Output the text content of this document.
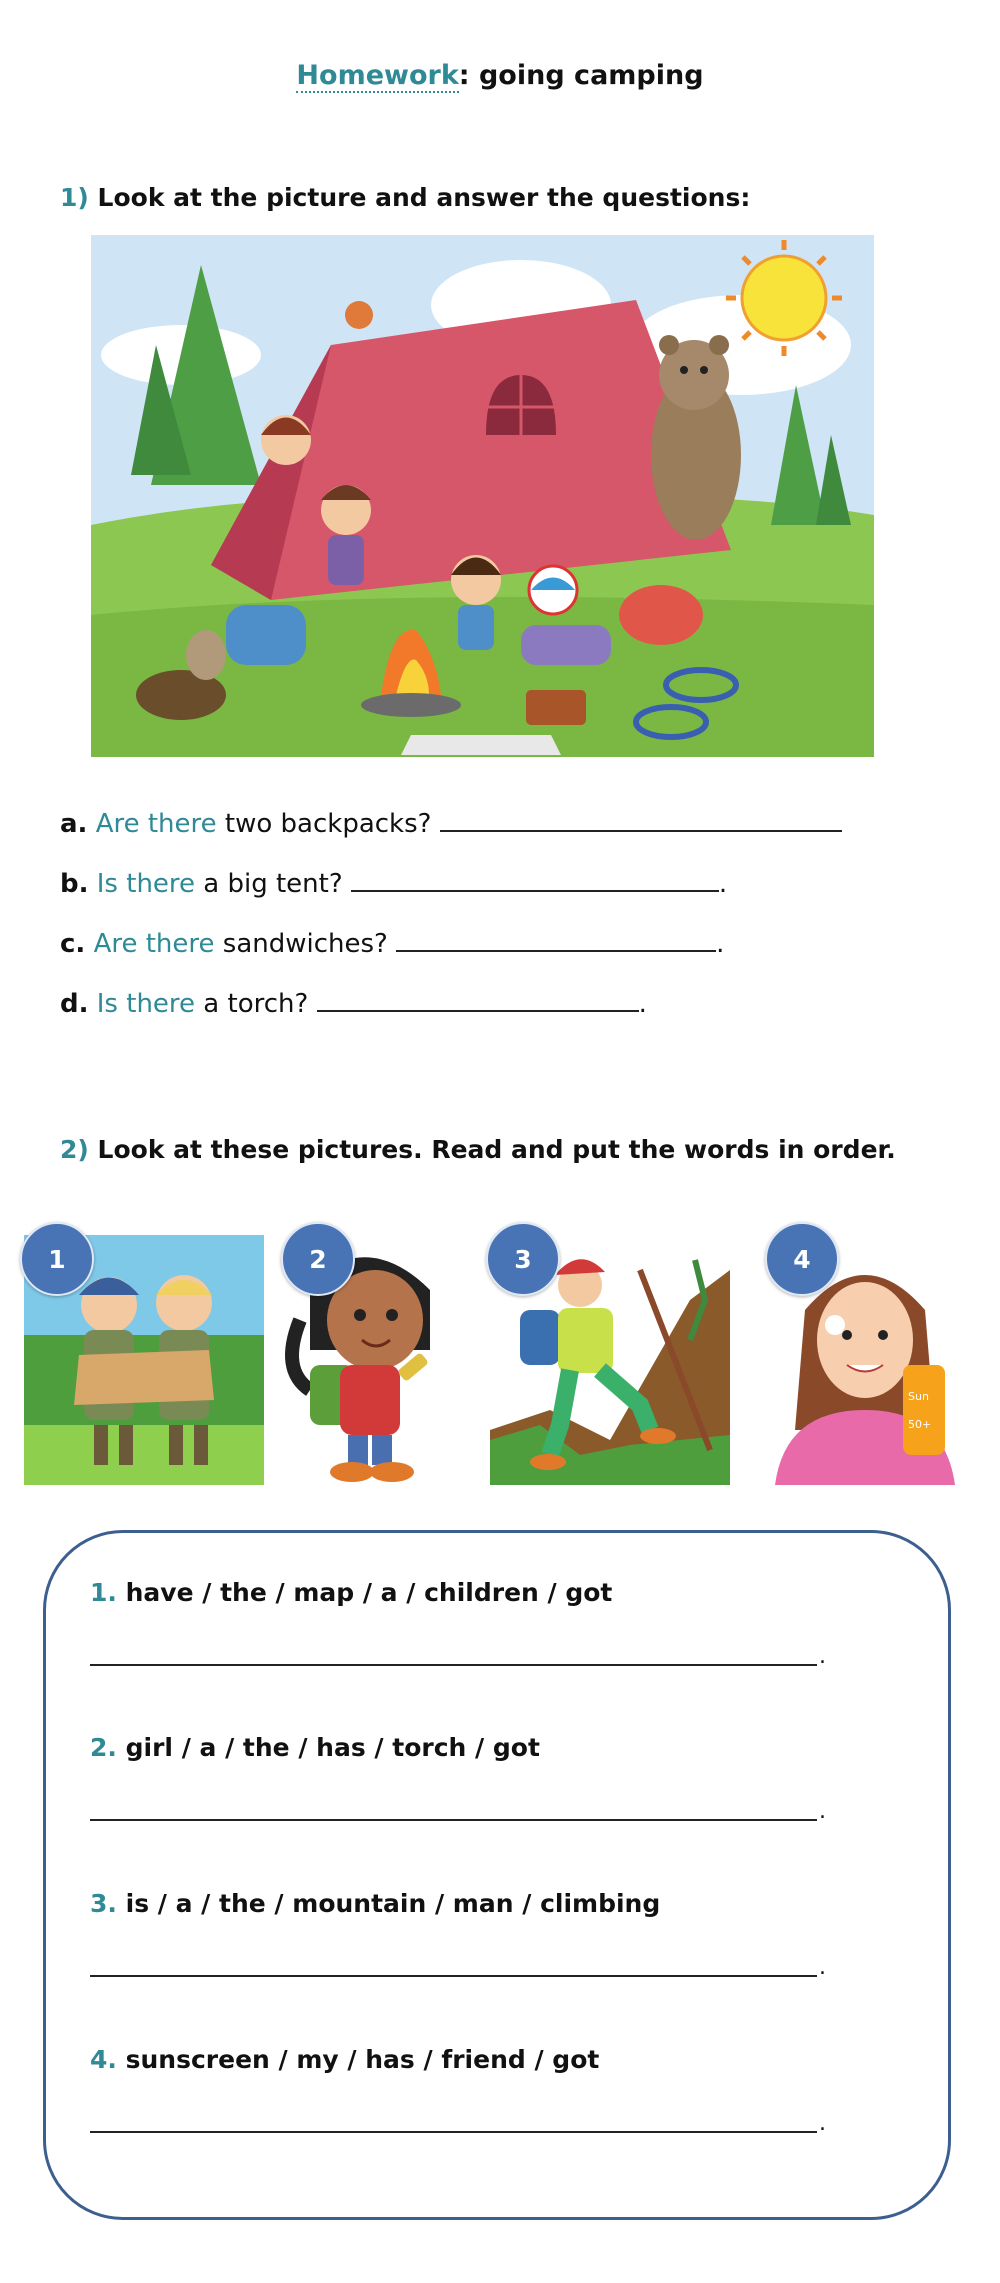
Homework: going camping
1) Look at the picture and answer the questions:
a. Are there two backpacks?
b. Is there a big tent?	.
c. Are there sandwiches?	.
d. Is there a torch?	.
2) Look at these pictures. Read and put the words in order.
1	2	3
Sun
50+
4
1. have / the / map / a / children / got
.
2. girl / a / the / has / torch / got
.
3. is / a / the / mountain / man / climbing
.
4. sunscreen / my / has / friend / got
.
